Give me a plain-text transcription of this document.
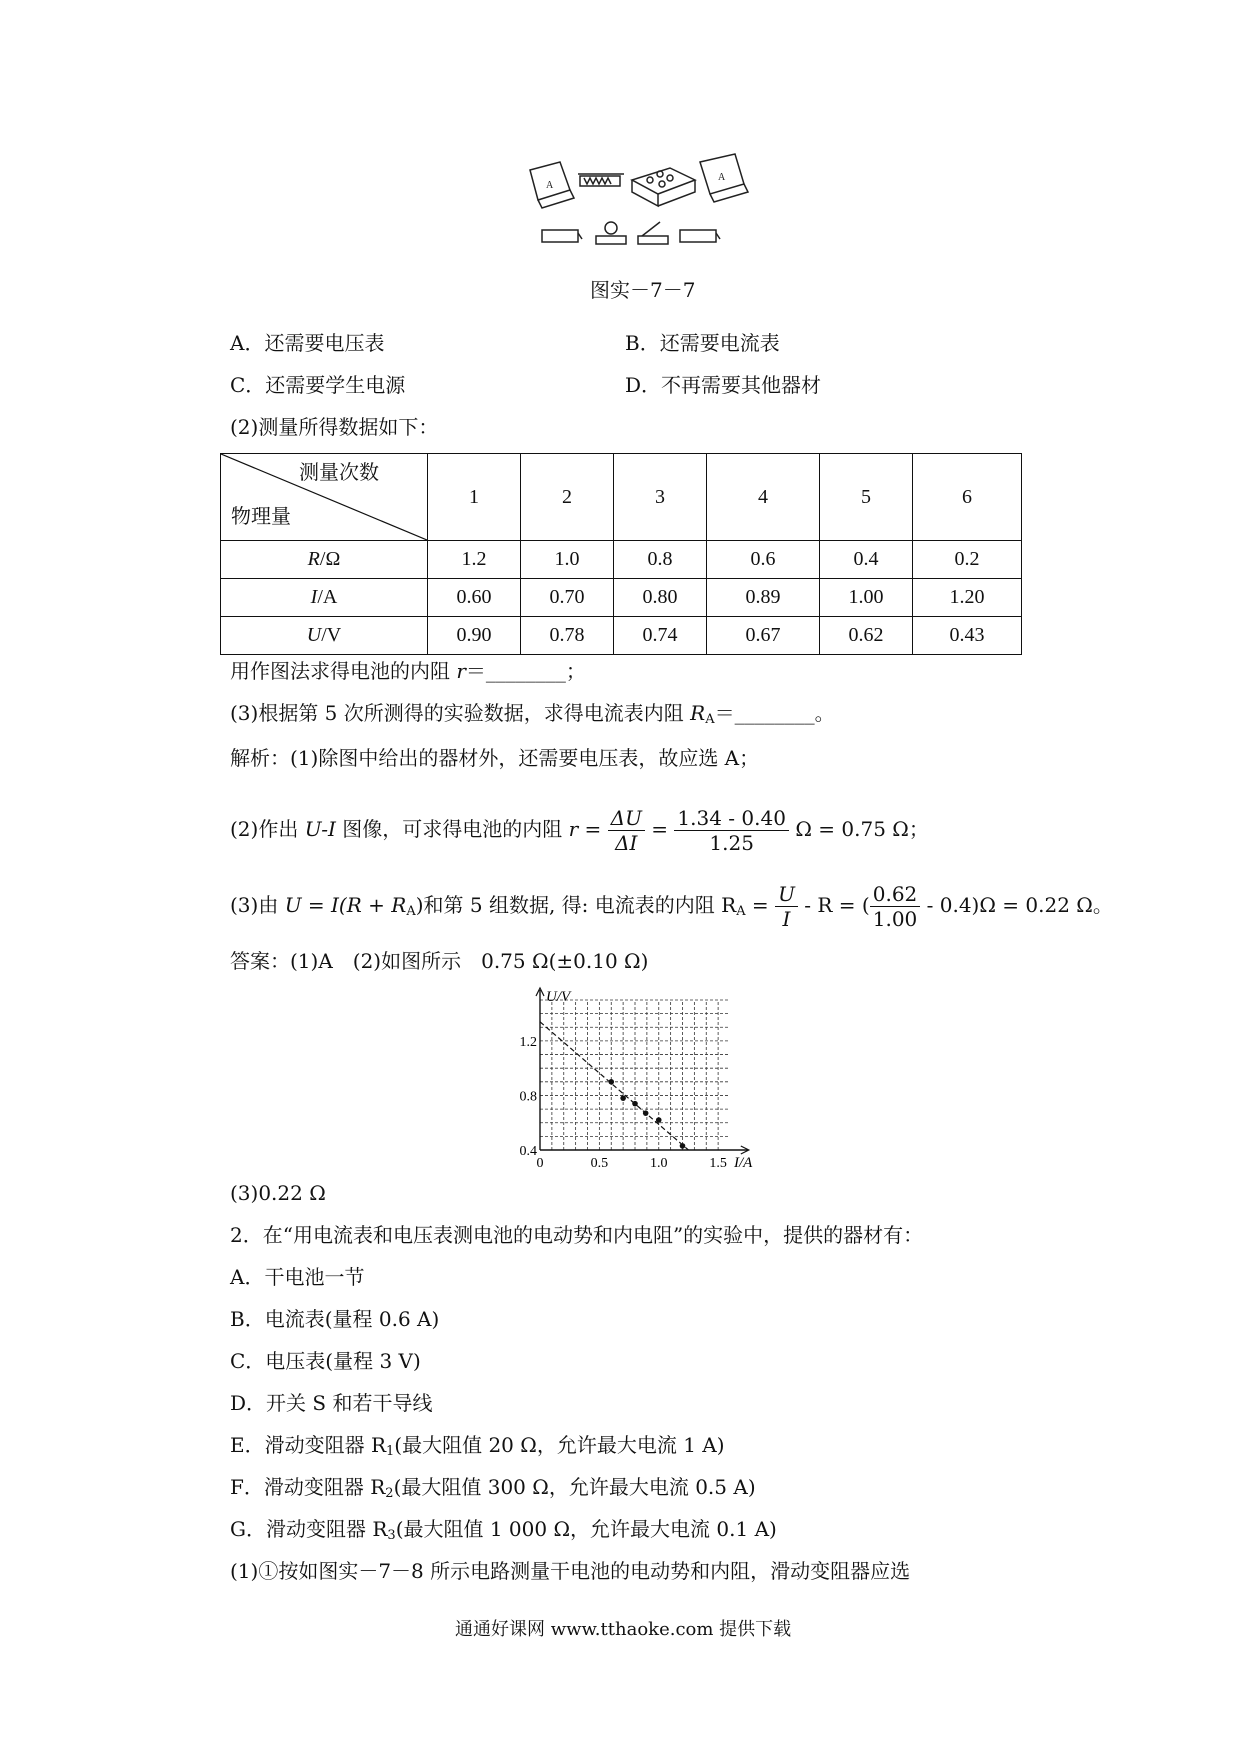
A
A
图实－7－7
A．还需要电压表	B．还需要电流表
C．还需要学生电源	D．不再需要其他器材
(2)测量所得数据如下：
测量次数
物理量	1	2	3	4	5	6
R/Ω	1.2	1.0	0.8	0.6	0.4	0.2
I/A	0.60	0.70	0.80	0.89	1.00	1.20
U/V	0.90	0.78	0.74	0.67	0.62	0.43
用作图法求得电池的内阻 r＝________；
(3)根据第 5 次所测得的实验数据，求得电流表内阻 $R_A=\_\_\_\_\_\_\_\_$。
解析：(1)除图中给出的器材外，还需要电压表，故应选 A；
(2)作出 U-I 图像，可求得电池的内阻 $r = \frac{\Delta U}{\Delta I} = \frac{1.34 - 0.40}{1.25}$ Ω = 0.75 Ω；
(3)由 $U = I(R + R_A)$和第 5 组数据, 得: 电流表的内阻 $R_A = \frac{U}{I} - R$ = ( $\frac{0.62}{1.00} - 0.4)\Omega = 0.22$ Ω。
答案：(1)A　(2)如图所示　0.75 Ω(±0.10 Ω)
0	0.5	1.0	1.5
0.4
0.8
1.2
I/A
U/V
(3)0.22 Ω
2．在“用电流表和电压表测电池的电动势和内电阻”的实验中，提供的器材有：
A．干电池一节
B．电流表(量程 0.6 A)
C．电压表(量程 3 V)
D．开关 S 和若干导线
E．滑动变阻器 $R_1$(最大阻值 20 Ω，允许最大电流 1 A)
F．滑动变阻器 $R_2$(最大阻值 300 Ω，允许最大电流 0.5 A)
G．滑动变阻器 $R_3$(最大阻值 1 000 Ω，允许最大电流 0.1 A)
(1)①按如图实－7－8 所示电路测量干电池的电动势和内阻，滑动变阻器应选
通通好课网 www.tthaoke.com 提供下载
